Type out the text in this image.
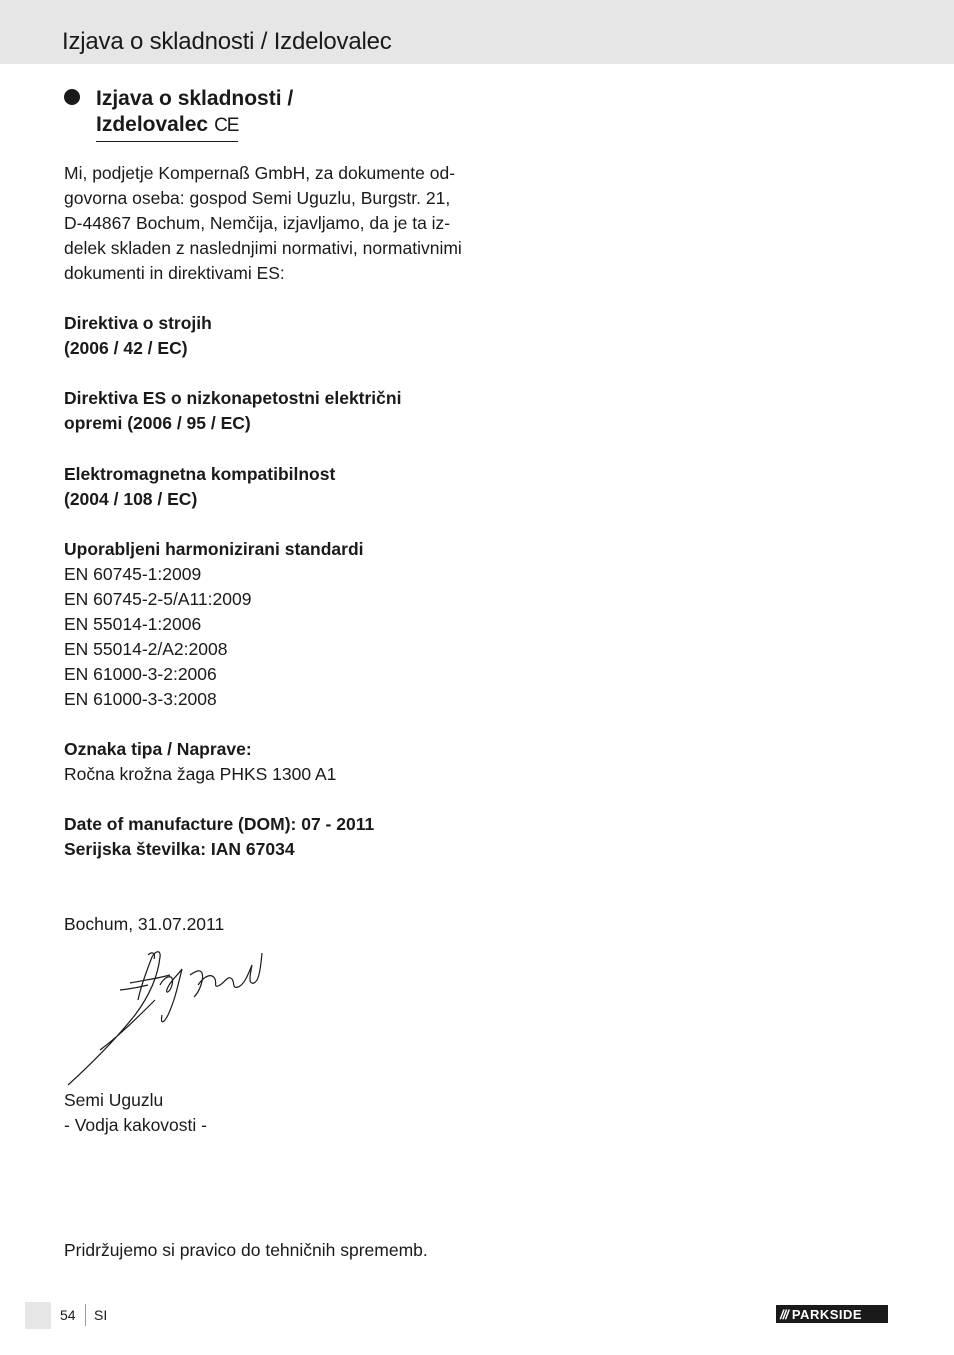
Izjava o skladnosti / Izdelovalec
Izjava o skladnosti /
Izdelovalec CE

Mi, podjetje Kompernaß GmbH, za dokumente od-

govorna oseba: gospod Semi Uguzlu, Burgstr. 21,

D-44867 Bochum, Nemčija, izjavljamo, da je ta iz-

delek skladen z naslednjimi normativi, normativnimi

dokumenti in direktivami ES:

Direktiva o strojih

(2006 / 42 / EC)

Direktiva ES o nizkonapetostni električni

opremi (2006 / 95 / EC)

Elektromagnetna kompatibilnost

(2004 / 108 / EC)

Uporabljeni harmonizirani standardi

EN 60745-1:2009

EN 60745-2-5/A11:2009

EN 55014-1:2006

EN 55014-2/A2:2008

EN 61000-3-2:2006

EN 61000-3-3:2008

Oznaka tipa / Naprave:

Ročna krožna žaga PHKS 1300 A1

Date of manufacture (DOM): 07 - 2011

Serijska številka: IAN 67034

Bochum, 31.07.2011

Semi Uguzlu

- Vodja kakovosti -

Pridržujemo si pravico do tehničnih sprememb.
54 SI	/// PARKSIDE
